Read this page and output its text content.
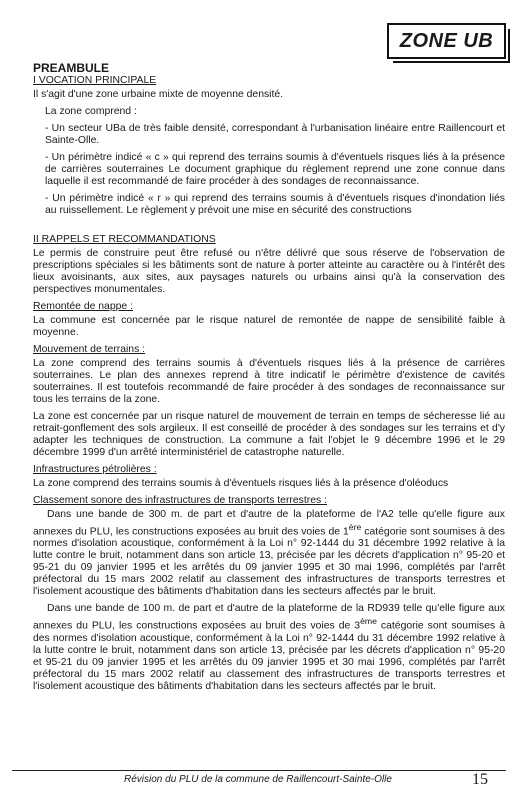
ZONE UB
PREAMBULE
I VOCATION PRINCIPALE

Il s'agit d'une zone urbaine mixte de moyenne densité.

La zone comprend :

- Un secteur UBa de très faible densité, correspondant à l'urbanisation linéaire entre Raillencourt et Sainte-Olle.

- Un périmètre indicé « c » qui reprend des terrains soumis à d'éventuels risques liés à la présence de carrières souterraines Le document graphique du règlement reprend une zone connue dans laquelle il est recommandé de faire procéder à des sondages de reconnaissance.

- Un périmètre indicé « r » qui reprend des terrains soumis à d'éventuels risques d'inondation liés au ruissellement. Le règlement y prévoit une mise en sécurité des constructions

II RAPPELS ET RECOMMANDATIONS

Le permis de construire peut être refusé ou n'être délivré que sous réserve de l'observation de prescriptions spéciales si les bâtiments sont de nature à porter atteinte au caractère ou à l'intérêt des lieux avoisinants, aux sites, aux paysages naturels ou urbains ainsi qu'à la conservation des perspectives monumentales.

Remontée de nappe :

La commune est concernée par le risque naturel de remontée de nappe de sensibilité faible à moyenne.

Mouvement de terrains :

La zone comprend des terrains soumis à d'éventuels risques liés à la présence de carrières souterraines. Le plan des annexes reprend à titre indicatif le périmètre d'existence de cavités souterraines. Il est toutefois recommandé de faire procéder à des sondages de reconnaissance sur tous les terrains de la zone.

La zone est concernée par un risque naturel de mouvement de terrain en temps de sécheresse lié au retrait-gonflement des sols argileux. Il est conseillé de procéder à des sondages sur les terrains et d'y adapter les techniques de construction. La commune a fait l'objet le 9 décembre 1996 et le 29 décembre 1999 d'un arrêté interministériel de catastrophe naturelle.

Infrastructures pétrolières :

La zone comprend des terrains soumis à d'éventuels risques liés à la présence d'oléoducs

Classement sonore des infrastructures de transports terrestres :

Dans une bande de 300 m. de part et d'autre de la plateforme de l'A2 telle qu'elle figure aux annexes du PLU, les constructions exposées au bruit des voies de 1ère catégorie sont soumises à des normes d'isolation acoustique, conformément à la Loi n° 92-1444 du 31 décembre 1992 relative à la lutte contre le bruit, notamment dans son article 13, précisée par les décrets d'application n° 95-20 et 95-21 du 09 janvier 1995 et les arrêtés du 09 janvier 1995 et 30 mai 1996, complétés par l'arrêt préfectoral du 15 mars 2002 relatif au classement des infrastructures de transports terrestres et l'isolement acoustique des bâtiments d'habitation dans les secteurs affectés par le bruit.

Dans une bande de 100 m. de part et d'autre de la plateforme de la RD939 telle qu'elle figure aux annexes du PLU, les constructions exposées au bruit des voies de 3ème catégorie sont soumises à des normes d'isolation acoustique, conformément à la Loi n° 92-1444 du 31 décembre 1992 relative à la lutte contre le bruit, notamment dans son article 13, précisée par les décrets d'application n° 95-20 et 95-21 du 09 janvier 1995 et les arrêtés du 09 janvier 1995 et 30 mai 1996, complétés par l'arrêt préfectoral du 15 mars 2002 relatif au classement des infrastructures de transports terrestres et l'isolement acoustique des bâtiments d'habitation dans les secteurs affectés par le bruit.

Révision du PLU de la commune de Raillencourt-Sainte-Olle	15
